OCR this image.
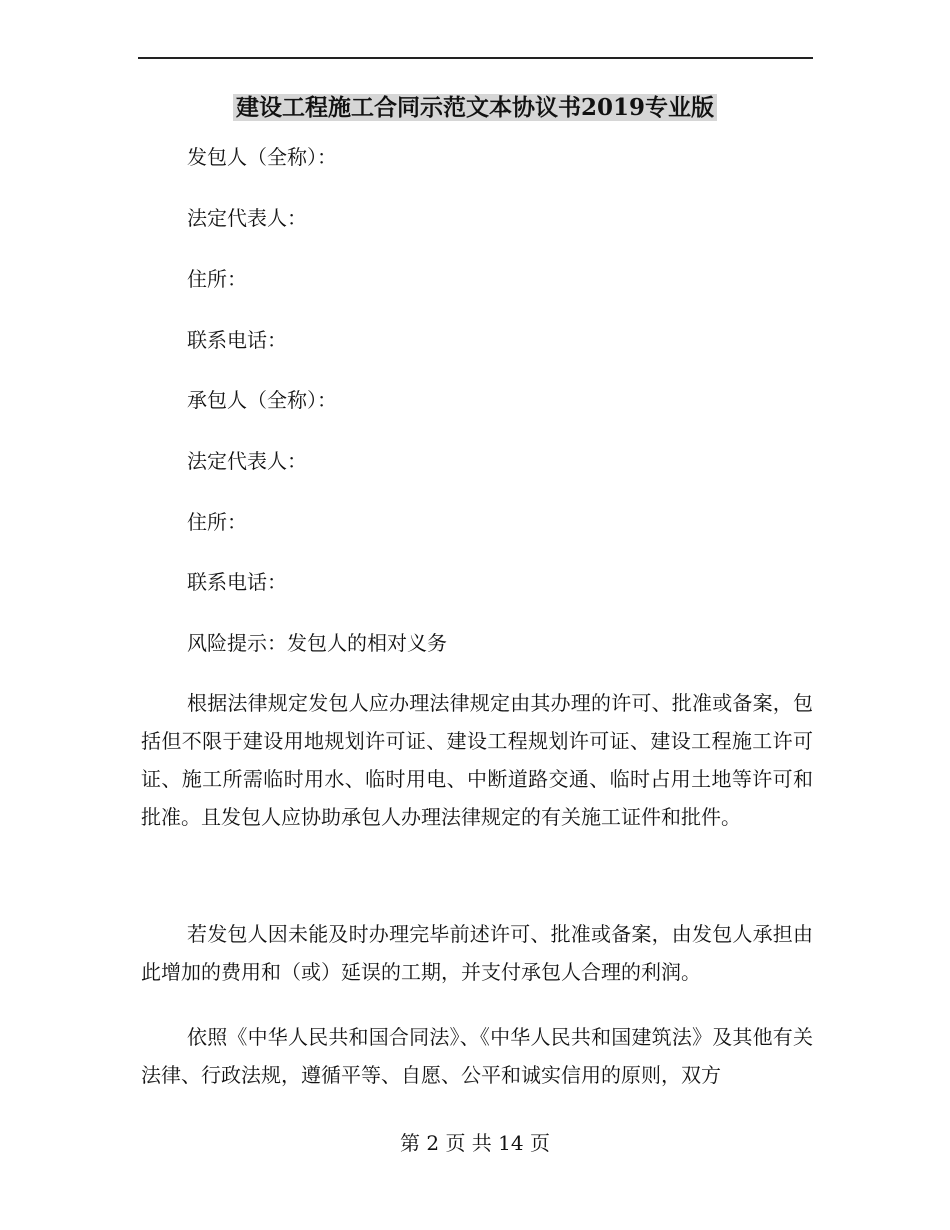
建设工程施工合同示范文本协议书2019专业版
发包人（全称）：
法定代表人：
住所：
联系电话：
承包人（全称）：
法定代表人：
住所：
联系电话：
风险提示：发包人的相对义务

根据法律规定发包人应办理法律规定由其办理的许可、批准或备案，包括但不限于建设用地规划许可证、建设工程规划许可证、建设工程施工许可证、施工所需临时用水、临时用电、中断道路交通、临时占用土地等许可和批准。且发包人应协助承包人办理法律规定的有关施工证件和批件。

若发包人因未能及时办理完毕前述许可、批准或备案，由发包人承担由此增加的费用和（或）延误的工期，并支付承包人合理的利润。

依照《中华人民共和国合同法》、《中华人民共和国建筑法》及其他有关法律、行政法规，遵循平等、自愿、公平和诚实信用的原则，双方

第 2 页 共 14 页
